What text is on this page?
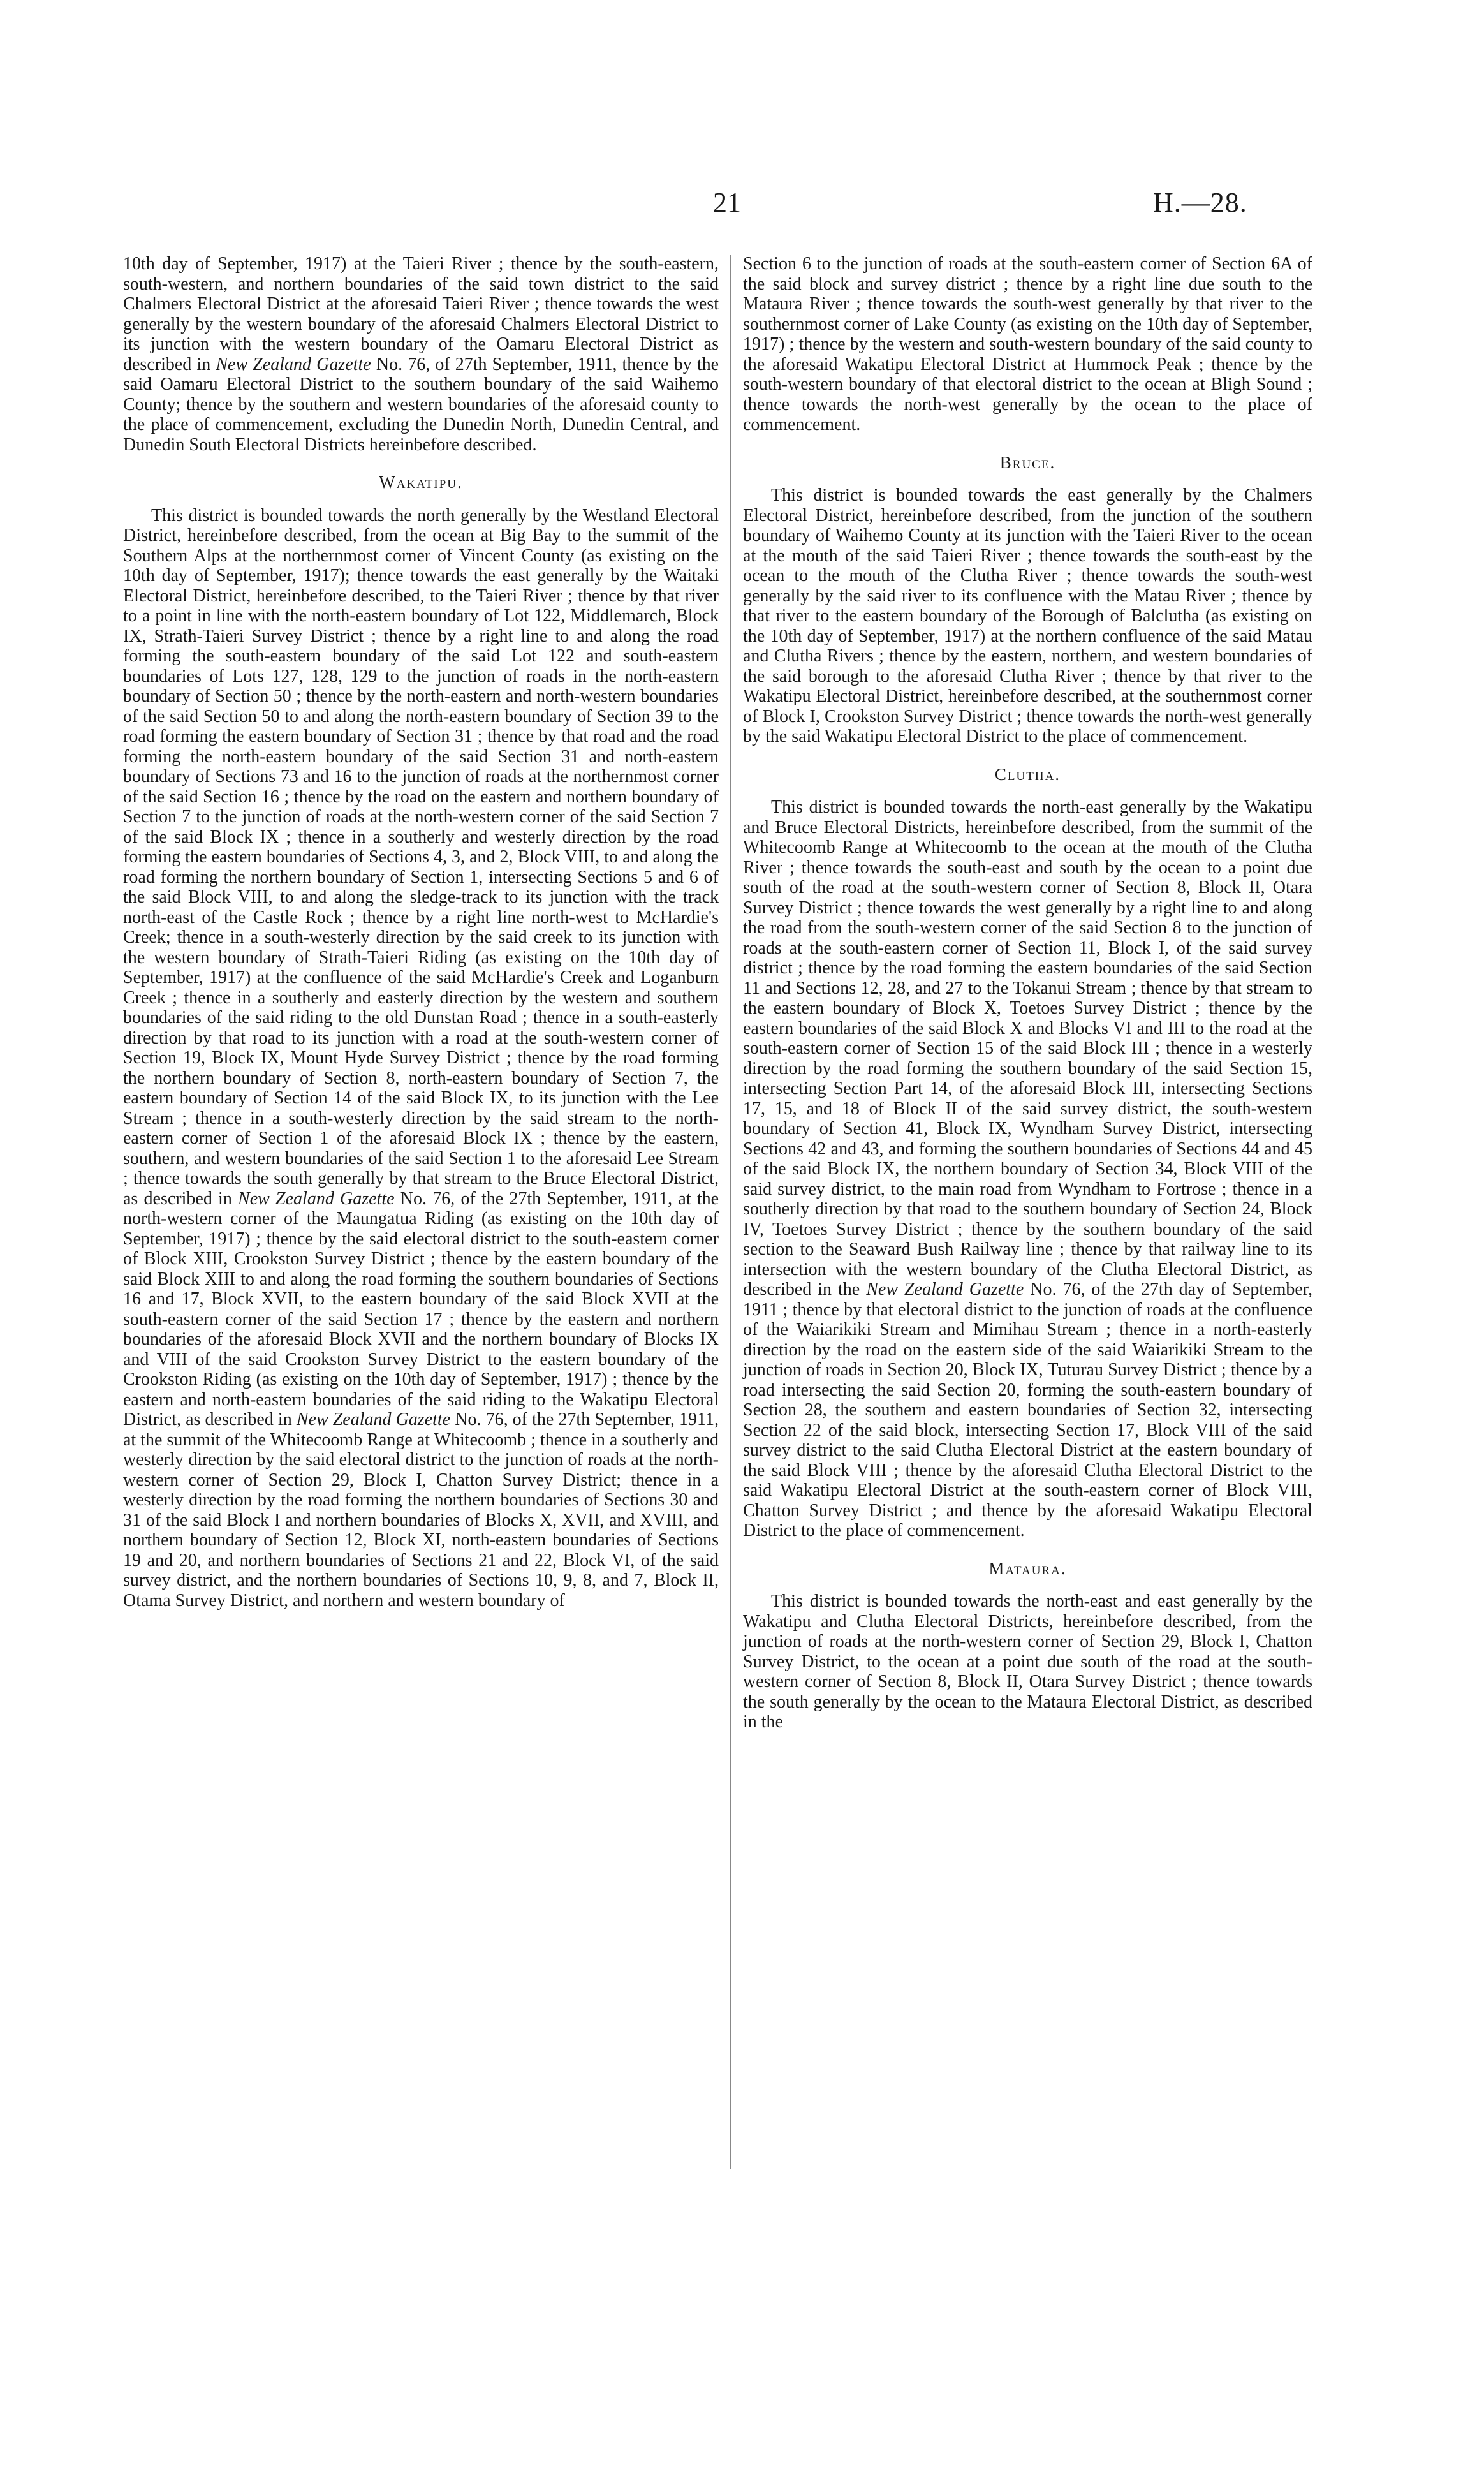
21	H.—28.

10th day of September, 1917) at the Taieri River ; thence by the south-eastern, south-western, and northern boundaries of the said town district to the said Chalmers Electoral District at the aforesaid Taieri River ; thence towards the west generally by the western boundary of the aforesaid Chalmers Electoral District to its junction with the western boundary of the Oamaru Electoral District as described in New Zealand Gazette No. 76, of 27th September, 1911, thence by the said Oamaru Electoral District to the southern boundary of the said Waihemo County; thence by the southern and western boundaries of the aforesaid county to the place of commencement, excluding the Dunedin North, Dunedin Central, and Dunedin South Electoral Districts hereinbefore described.

Wakatipu.

This district is bounded towards the north generally by the Westland Electoral District, hereinbefore described, from the ocean at Big Bay to the summit of the Southern Alps at the northernmost corner of Vincent County (as existing on the 10th day of September, 1917); thence towards the east generally by the Waitaki Electoral District, hereinbefore described, to the Taieri River ; thence by that river to a point in line with the north-eastern boundary of Lot 122, Middlemarch, Block IX, Strath-Taieri Survey District ; thence by a right line to and along the road forming the south-eastern boundary of the said Lot 122 and south-eastern boundaries of Lots 127, 128, 129 to the junction of roads in the north-eastern boundary of Section 50 ; thence by the north-eastern and north-western boundaries of the said Section 50 to and along the north-eastern boundary of Section 39 to the road forming the eastern boundary of Section 31 ; thence by that road and the road forming the north-eastern boundary of the said Section 31 and north-eastern boundary of Sections 73 and 16 to the junction of roads at the northernmost corner of the said Section 16 ; thence by the road on the eastern and northern boundary of Section 7 to the junction of roads at the north-western corner of the said Section 7 of the said Block IX ; thence in a southerly and westerly direction by the road forming the eastern boundaries of Sections 4, 3, and 2, Block VIII, to and along the road forming the northern boundary of Section 1, intersecting Sections 5 and 6 of the said Block VIII, to and along the sledge-track to its junction with the track north-east of the Castle Rock ; thence by a right line north-west to McHardie's Creek; thence in a south-westerly direction by the said creek to its junction with the western boundary of Strath-Taieri Riding (as existing on the 10th day of September, 1917) at the confluence of the said McHardie's Creek and Loganburn Creek ; thence in a southerly and easterly direction by the western and southern boundaries of the said riding to the old Dunstan Road ; thence in a south-easterly direction by that road to its junction with a road at the south-western corner of Section 19, Block IX, Mount Hyde Survey District ; thence by the road forming the northern boundary of Section 8, north-eastern boundary of Section 7, the eastern boundary of Section 14 of the said Block IX, to its junction with the Lee Stream ; thence in a south-westerly direction by the said stream to the north-eastern corner of Section 1 of the aforesaid Block IX ; thence by the eastern, southern, and western boundaries of the said Section 1 to the aforesaid Lee Stream ; thence towards the south generally by that stream to the Bruce Electoral District, as described in New Zealand Gazette No. 76, of the 27th September, 1911, at the north-western corner of the Maungatua Riding (as existing on the 10th day of September, 1917) ; thence by the said electoral district to the south-eastern corner of Block XIII, Crookston Survey District ; thence by the eastern boundary of the said Block XIII to and along the road forming the southern boundaries of Sections 16 and 17, Block XVII, to the eastern boundary of the said Block XVII at the south-eastern corner of the said Section 17 ; thence by the eastern and northern boundaries of the aforesaid Block XVII and the northern boundary of Blocks IX and VIII of the said Crookston Survey District to the eastern boundary of the Crookston Riding (as existing on the 10th day of September, 1917) ; thence by the eastern and north-eastern boundaries of the said riding to the Wakatipu Electoral District, as described in New Zealand Gazette No. 76, of the 27th September, 1911, at the summit of the Whitecoomb Range at Whitecoomb ; thence in a southerly and westerly direction by the said electoral district to the junction of roads at the north-western corner of Section 29, Block I, Chatton Survey District; thence in a westerly direction by the road forming the northern boundaries of Sections 30 and 31 of the said Block I and northern boundaries of Blocks X, XVII, and XVIII, and northern boundary of Section 12, Block XI, north-eastern boundaries of Sections 19 and 20, and northern boundaries of Sections 21 and 22, Block VI, of the said survey district, and the northern boundaries of Sections 10, 9, 8, and 7, Block II, Otama Survey District, and northern and western boundary of

Section 6 to the junction of roads at the south-eastern corner of Section 6A of the said block and survey district ; thence by a right line due south to the Mataura River ; thence towards the south-west generally by that river to the southernmost corner of Lake County (as existing on the 10th day of September, 1917) ; thence by the western and south-western boundary of the said county to the aforesaid Wakatipu Electoral District at Hummock Peak ; thence by the south-western boundary of that electoral district to the ocean at Bligh Sound ; thence towards the north-west generally by the ocean to the place of commencement.

Bruce.

This district is bounded towards the east generally by the Chalmers Electoral District, hereinbefore described, from the junction of the southern boundary of Waihemo County at its junction with the Taieri River to the ocean at the mouth of the said Taieri River ; thence towards the south-east by the ocean to the mouth of the Clutha River ; thence towards the south-west generally by the said river to its confluence with the Matau River ; thence by that river to the eastern boundary of the Borough of Balclutha (as existing on the 10th day of September, 1917) at the northern confluence of the said Matau and Clutha Rivers ; thence by the eastern, northern, and western boundaries of the said borough to the aforesaid Clutha River ; thence by that river to the Wakatipu Electoral District, hereinbefore described, at the southernmost corner of Block I, Crookston Survey District ; thence towards the north-west generally by the said Wakatipu Electoral District to the place of commencement.

Clutha.

This district is bounded towards the north-east generally by the Wakatipu and Bruce Electoral Districts, hereinbefore described, from the summit of the Whitecoomb Range at Whitecoomb to the ocean at the mouth of the Clutha River ; thence towards the south-east and south by the ocean to a point due south of the road at the south-western corner of Section 8, Block II, Otara Survey District ; thence towards the west generally by a right line to and along the road from the south-western corner of the said Section 8 to the junction of roads at the south-eastern corner of Section 11, Block I, of the said survey district ; thence by the road forming the eastern boundaries of the said Section 11 and Sections 12, 28, and 27 to the Tokanui Stream ; thence by that stream to the eastern boundary of Block X, Toetoes Survey District ; thence by the eastern boundaries of the said Block X and Blocks VI and III to the road at the south-eastern corner of Section 15 of the said Block III ; thence in a westerly direction by the road forming the southern boundary of the said Section 15, intersecting Section Part 14, of the aforesaid Block III, intersecting Sections 17, 15, and 18 of Block II of the said survey district, the south-western boundary of Section 41, Block IX, Wyndham Survey District, intersecting Sections 42 and 43, and forming the southern boundaries of Sections 44 and 45 of the said Block IX, the northern boundary of Section 34, Block VIII of the said survey district, to the main road from Wyndham to Fortrose ; thence in a southerly direction by that road to the southern boundary of Section 24, Block IV, Toetoes Survey District ; thence by the southern boundary of the said section to the Seaward Bush Railway line ; thence by that railway line to its intersection with the western boundary of the Clutha Electoral District, as described in the New Zealand Gazette No. 76, of the 27th day of September, 1911 ; thence by that electoral district to the junction of roads at the confluence of the Waiarikiki Stream and Mimihau Stream ; thence in a north-easterly direction by the road on the eastern side of the said Waiarikiki Stream to the junction of roads in Section 20, Block IX, Tuturau Survey District ; thence by a road intersecting the said Section 20, forming the south-eastern boundary of Section 28, the southern and eastern boundaries of Section 32, intersecting Section 22 of the said block, intersecting Section 17, Block VIII of the said survey district to the said Clutha Electoral District at the eastern boundary of the said Block VIII ; thence by the aforesaid Clutha Electoral District to the said Wakatipu Electoral District at the south-eastern corner of Block VIII, Chatton Survey District ; and thence by the aforesaid Wakatipu Electoral District to the place of commencement.

Mataura.

This district is bounded towards the north-east and east generally by the Wakatipu and Clutha Electoral Districts, hereinbefore described, from the junction of roads at the north-western corner of Section 29, Block I, Chatton Survey District, to the ocean at a point due south of the road at the south-western corner of Section 8, Block II, Otara Survey District ; thence towards the south generally by the ocean to the Mataura Electoral District, as described in the
